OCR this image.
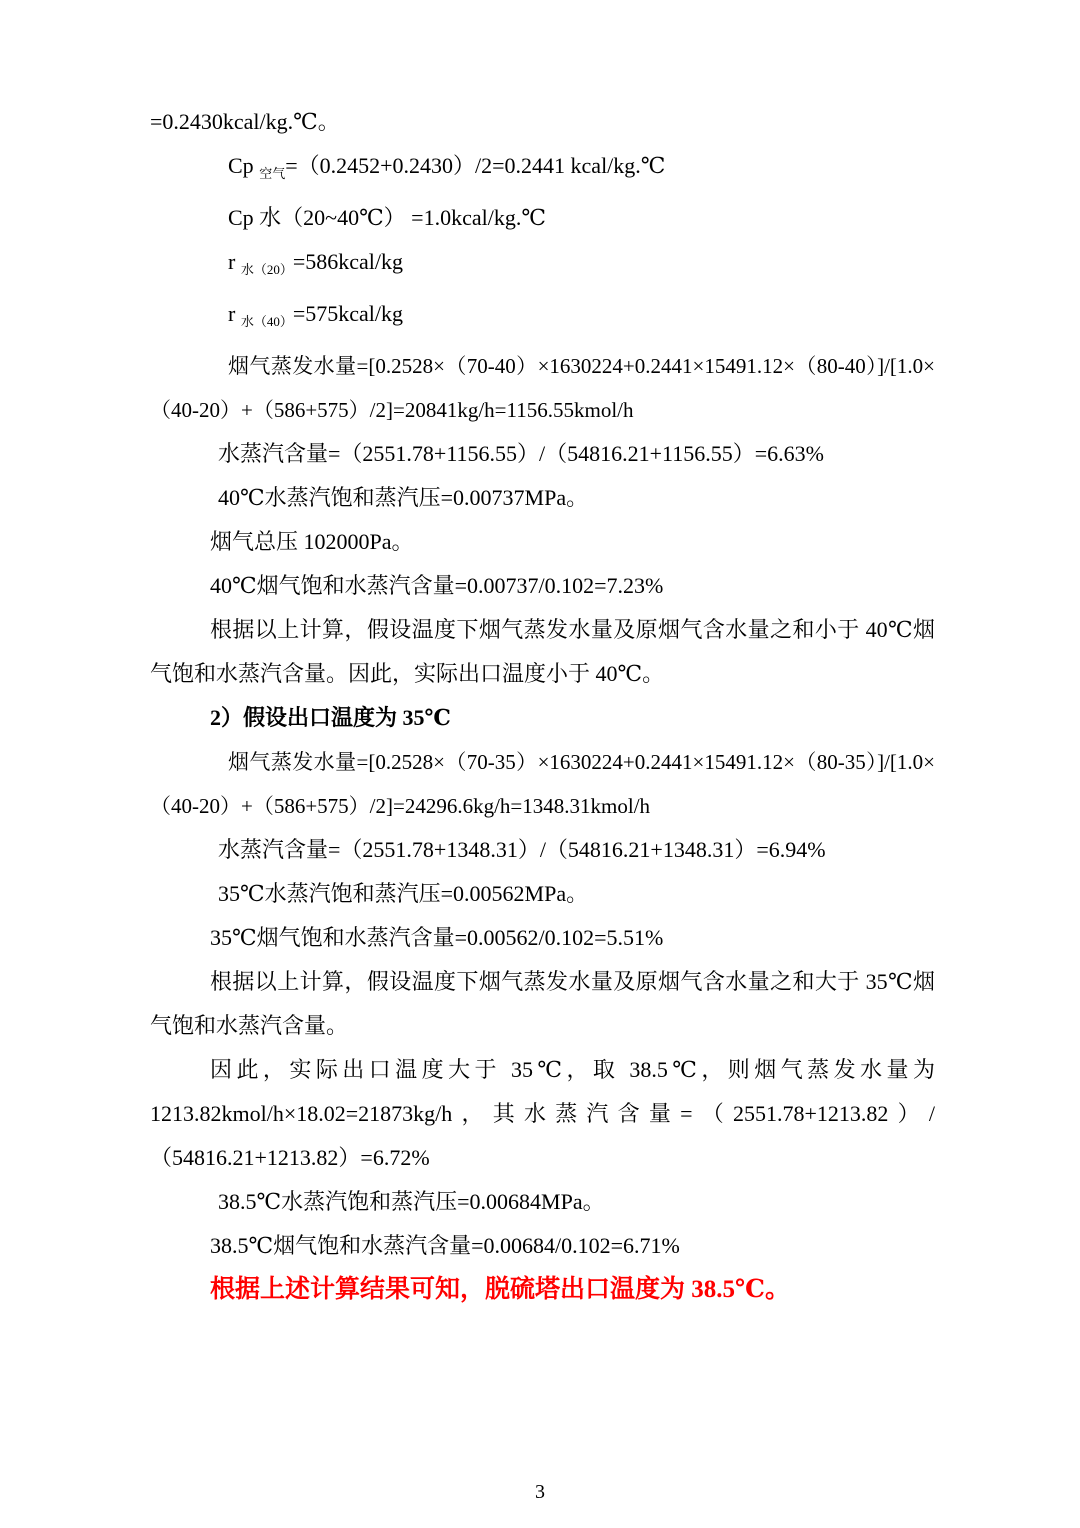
=0.2430kcal/kg.℃。

Cp $_{空气}$=（0.2452+0.2430）/2=0.2441 kcal/kg.℃

Cp 水（20~40℃） =1.0kcal/kg.℃

r $_{水(20)}$=586kcal/kg

r $_{水(40)}$=575kcal/kg

烟气蒸发水量=[0.2528×（70-40）×1630224+0.2441×15491.12×（80-40）]/[1.0×（40-20）+（586+575）/2]=20841kg/h=1156.55kmol/h

水蒸汽含量=（2551.78+1156.55）/（54816.21+1156.55）=6.63%

40℃水蒸汽饱和蒸汽压=0.00737MPa。

烟气总压 102000Pa。

40℃烟气饱和水蒸汽含量=0.00737/0.102=7.23%

根据以上计算，假设温度下烟气蒸发水量及原烟气含水量之和小于 40℃烟气饱和水蒸汽含量。因此，实际出口温度小于 40℃。

2）假设出口温度为 35℃

烟气蒸发水量=[0.2528×（70-35）×1630224+0.2441×15491.12×（80-35）]/[1.0×（40-20）+（586+575）/2]=24296.6kg/h=1348.31kmol/h

水蒸汽含量=（2551.78+1348.31）/（54816.21+1348.31）=6.94%

35℃水蒸汽饱和蒸汽压=0.00562MPa。

35℃烟气饱和水蒸汽含量=0.00562/0.102=5.51%

根据以上计算，假设温度下烟气蒸发水量及原烟气含水量之和大于 35℃烟气饱和水蒸汽含量。

因此，实际出口温度大于 35℃，取 38.5℃，则烟气蒸发水量为 1213.82kmol/h×18.02=21873kg/h，其水蒸汽含量=（2551.78+1213.82）/（54816.21+1213.82）=6.72%

38.5℃水蒸汽饱和蒸汽压=0.00684MPa。

38.5℃烟气饱和水蒸汽含量=0.00684/0.102=6.71%

根据上述计算结果可知，脱硫塔出口温度为 38.5℃。

3
